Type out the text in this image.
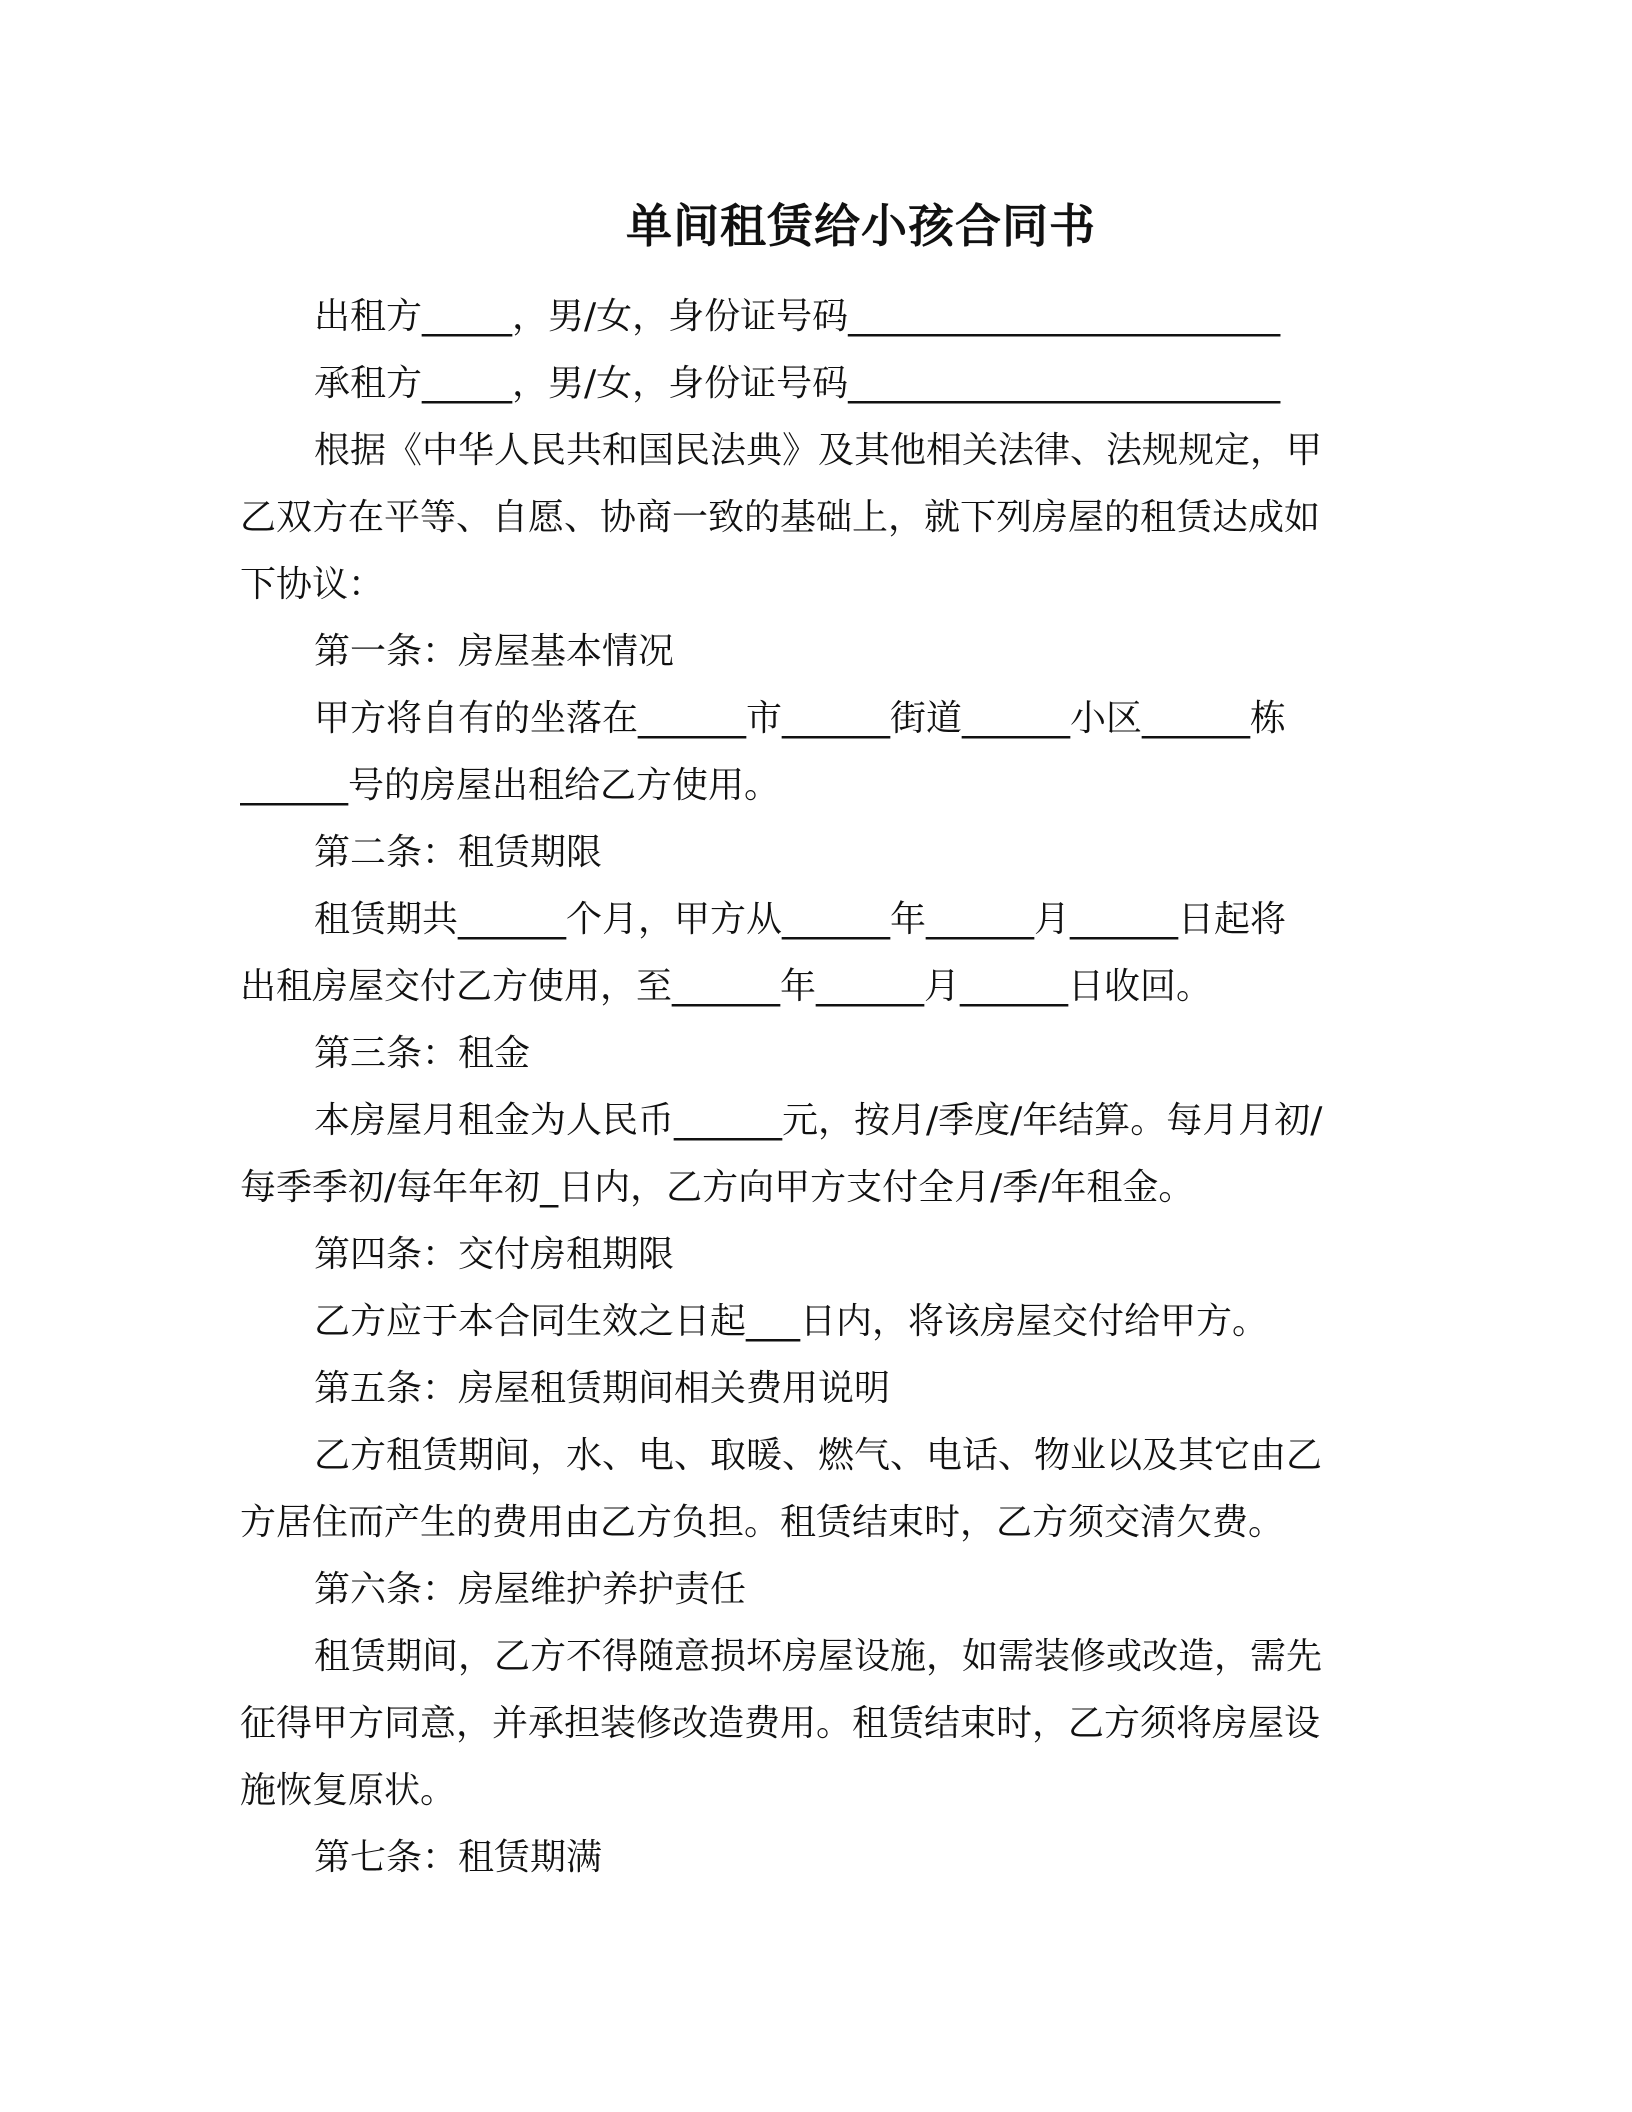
单间租赁给小孩合同书
出租方_____，男/女，身份证号码________________________
承租方_____，男/女，身份证号码________________________
根据《中华人民共和国民法典》及其他相关法律、法规规定，甲
乙双方在平等、自愿、协商一致的基础上，就下列房屋的租赁达成如
下协议：
第一条：房屋基本情况
甲方将自有的坐落在______市______街道______小区______栋
______号的房屋出租给乙方使用。
第二条：租赁期限
租赁期共______个月，甲方从______年______月______日起将
出租房屋交付乙方使用，至______年______月______日收回。
第三条：租金
本房屋月租金为人民币______元，按月/季度/年结算。每月月初/
每季季初/每年年初_日内，乙方向甲方支付全月/季/年租金。
第四条：交付房租期限
乙方应于本合同生效之日起___日内，将该房屋交付给甲方。
第五条：房屋租赁期间相关费用说明
乙方租赁期间，水、电、取暖、燃气、电话、物业以及其它由乙
方居住而产生的费用由乙方负担。租赁结束时，乙方须交清欠费。
第六条：房屋维护养护责任
租赁期间，乙方不得随意损坏房屋设施，如需装修或改造，需先
征得甲方同意，并承担装修改造费用。租赁结束时，乙方须将房屋设
施恢复原状。
第七条：租赁期满
